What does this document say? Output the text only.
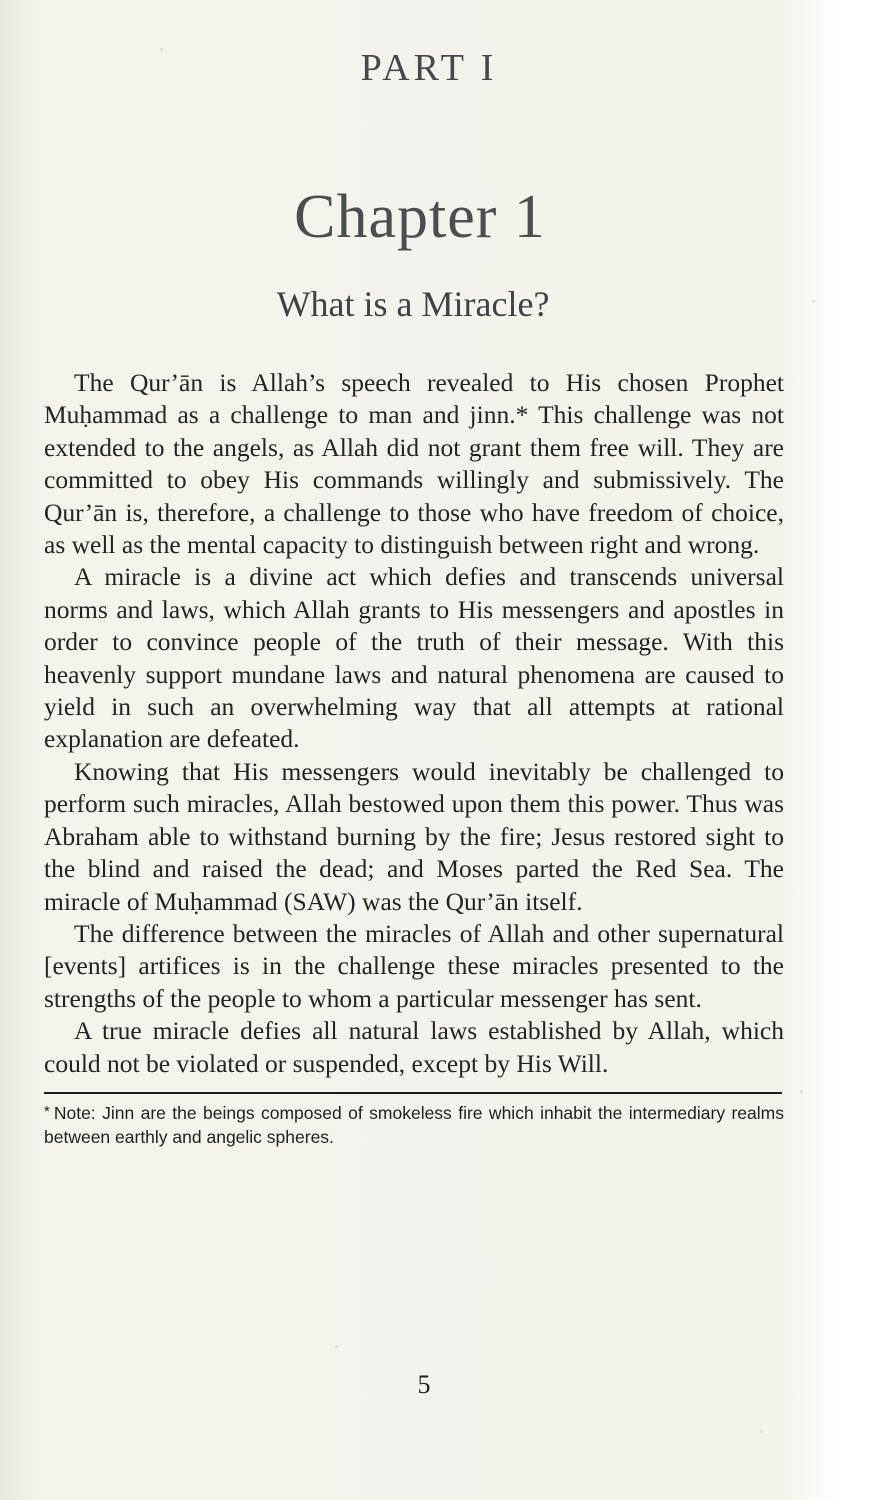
PART I
Chapter 1
What is a Miracle?

The Qur’ān is Allah’s speech revealed to His chosen Prophet Muḥammad as a challenge to man and jinn.* This challenge was not extended to the angels, as Allah did not grant them free will. They are committed to obey His commands willingly and submissively. The Qur’ān is, therefore, a challenge to those who have freedom of choice, as well as the mental capacity to distinguish between right and wrong.

A miracle is a divine act which defies and transcends universal norms and laws, which Allah grants to His messengers and apostles in order to convince people of the truth of their message. With this heavenly support mundane laws and natural phenomena are caused to yield in such an overwhelming way that all attempts at rational explanation are defeated.

Knowing that His messengers would inevitably be challenged to perform such miracles, Allah bestowed upon them this power. Thus was Abraham able to withstand burning by the fire; Jesus restored sight to the blind and raised the dead; and Moses parted the Red Sea. The miracle of Muḥammad (SAW) was the Qur’ān itself.

The difference between the miracles of Allah and other supernatural [events] artifices is in the challenge these miracles presented to the strengths of the people to whom a particular messenger has sent.

A true miracle defies all natural laws established by Allah, which could not be violated or suspended, except by His Will.

* Note: Jinn are the beings composed of smokeless fire which inhabit the intermediary realms between earthly and angelic spheres.
5
